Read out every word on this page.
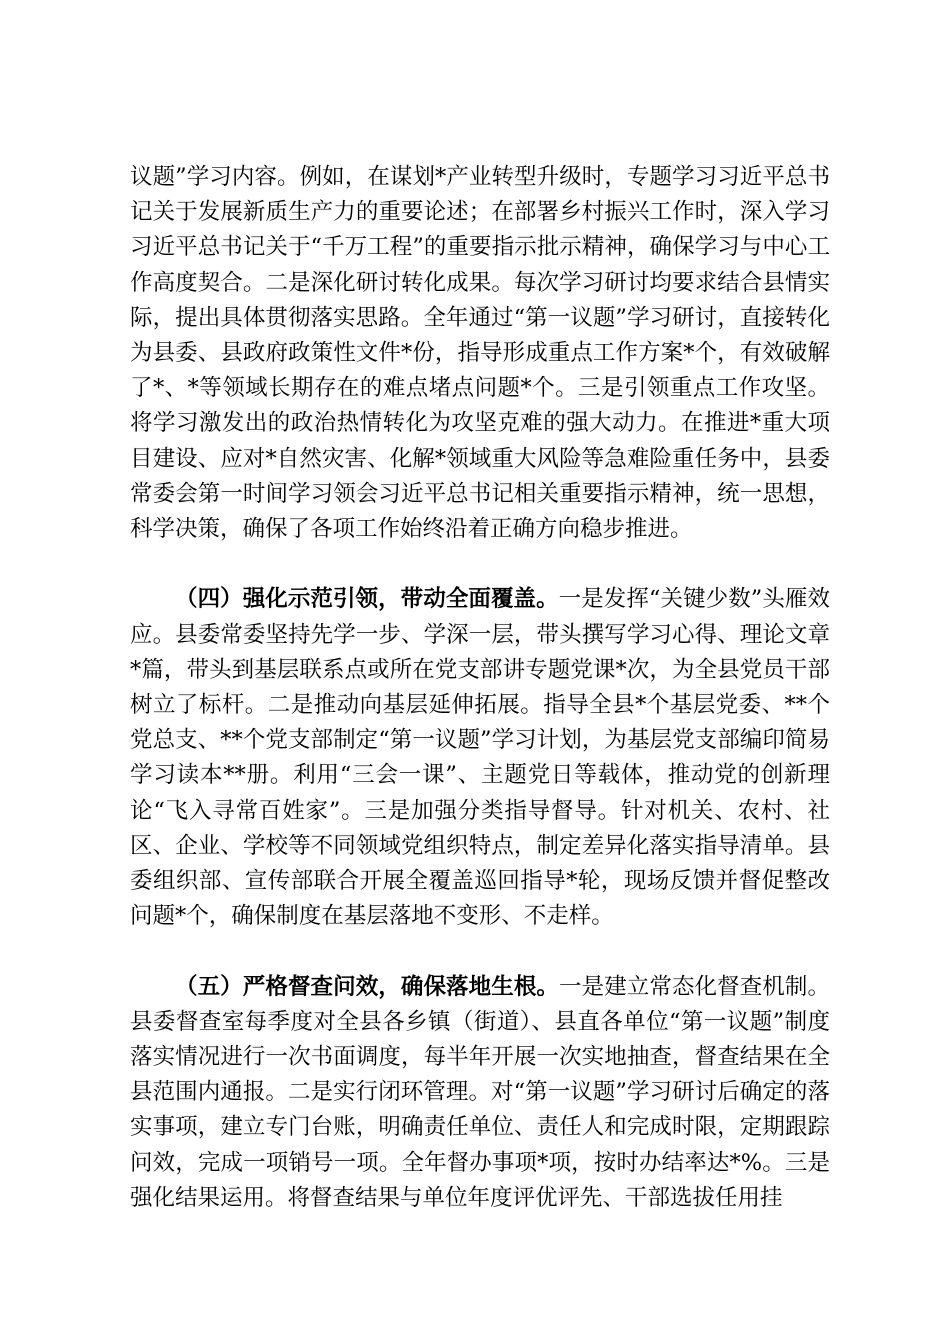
议题”学习内容。例如，在谋划*产业转型升级时，专题学习习近平总书记关于发展新质生产力的重要论述；在部署乡村振兴工作时，深入学习习近平总书记关于“千万工程”的重要指示批示精神，确保学习与中心工作高度契合。二是深化研讨转化成果。每次学习研讨均要求结合县情实际，提出具体贯彻落实思路。全年通过“第一议题”学习研讨，直接转化为县委、县政府政策性文件*份，指导形成重点工作方案*个，有效破解了*、*等领域长期存在的难点堵点问题*个。三是引领重点工作攻坚。将学习激发出的政治热情转化为攻坚克难的强大动力。在推进*重大项目建设、应对*自然灾害、化解*领域重大风险等急难险重任务中，县委常委会第一时间学习领会习近平总书记相关重要指示精神，统一思想，科学决策，确保了各项工作始终沿着正确方向稳步推进。

（四）强化示范引领，带动全面覆盖。一是发挥“关键少数”头雁效应。县委常委坚持先学一步、学深一层，带头撰写学习心得、理论文章*篇，带头到基层联系点或所在党支部讲专题党课*次，为全县党员干部树立了标杆。二是推动向基层延伸拓展。指导全县*个基层党委、**个党总支、**个党支部制定“第一议题”学习计划，为基层党支部编印简易学习读本**册。利用“三会一课”、主题党日等载体，推动党的创新理论“飞入寻常百姓家”。三是加强分类指导督导。针对机关、农村、社区、企业、学校等不同领域党组织特点，制定差异化落实指导清单。县委组织部、宣传部联合开展全覆盖巡回指导*轮，现场反馈并督促整改问题*个，确保制度在基层落地不变形、不走样。

（五）严格督查问效，确保落地生根。一是建立常态化督查机制。县委督查室每季度对全县各乡镇（街道）、县直各单位“第一议题”制度落实情况进行一次书面调度，每半年开展一次实地抽查，督查结果在全县范围内通报。二是实行闭环管理。对“第一议题”学习研讨后确定的落实事项，建立专门台账，明确责任单位、责任人和完成时限，定期跟踪问效，完成一项销号一项。全年督办事项*项，按时办结率达*%。三是强化结果运用。将督查结果与单位年度评优评先、干部选拔任用挂
